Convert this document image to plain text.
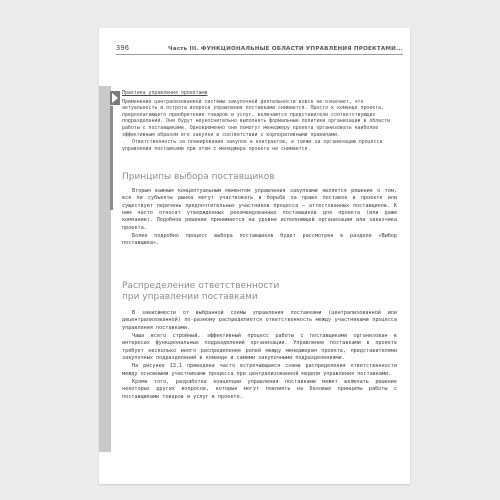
396	Часть III. ФУНКЦИОНАЛЬНЫЕ ОБЛАСТИ УПРАВЛЕНИЯ ПРОЕКТАМИ...
Практика управления проектами

Применение централизованной системы закупочной деятельности вовсе не означает, что актуальность и острота вопроса управления поставками снимается. Просто к команде проекта, предполагающего приобретение товаров и услуг, включаются представители соответствующих подразделений. Они будут неукоснительно выполнять формальные политики организации в области работы с поставщиками. Одновременно они помогут менеджеру проекта организовать наиболее эффективным образом его закупки в соответствии с корпоративными правилами.

Ответственность за планирование закупок и контрактов, а также за организацию процесса управления поставками при этом с менеджера проекта не снимается.

Принципы выбора поставщиков

Вторым важным концептуальным моментом управления закупками является решение о том, все ли субъекты рынка могут участвовать в борьбе за право поставок в проекте или существует перечень предпочтительных участников процесса — аттестованных поставщиков. К ним часто относят утвержденных рекомендованных поставщиков для проекта (или даже компании). Подобное решение принимается на уровне исполняющей организации или заказчика проекта.

Более подробно процесс выбора поставщиков будет рассмотрен в разделе «Выбор поставщика».

Распределение ответственности
при управлении поставками

В зависимости от выбранной схемы управления поставками (централизованной или децентрализованной) по-разному распределяется ответственность между участниками процесса управления поставками.

Чаще всего стройный, эффективный процесс работы с поставщиками организован в интересах функциональных подразделений организации. Управление поставками в проекте требует несколько иного распределения ролей между менеджером проекта, представителями закупочных подразделений в команде и самими закупочными подразделениями.

На рисунке 13.1 приведена часто встречающаяся схема распределения ответственности между основными участниками процесса при централизованной модели управления поставками.

Кроме того, разработка концепции управления поставками может включать решение некоторых других вопросов, которые могут повлиять на базовые принципы работы с поставщиками товаров и услуг в проекте.
